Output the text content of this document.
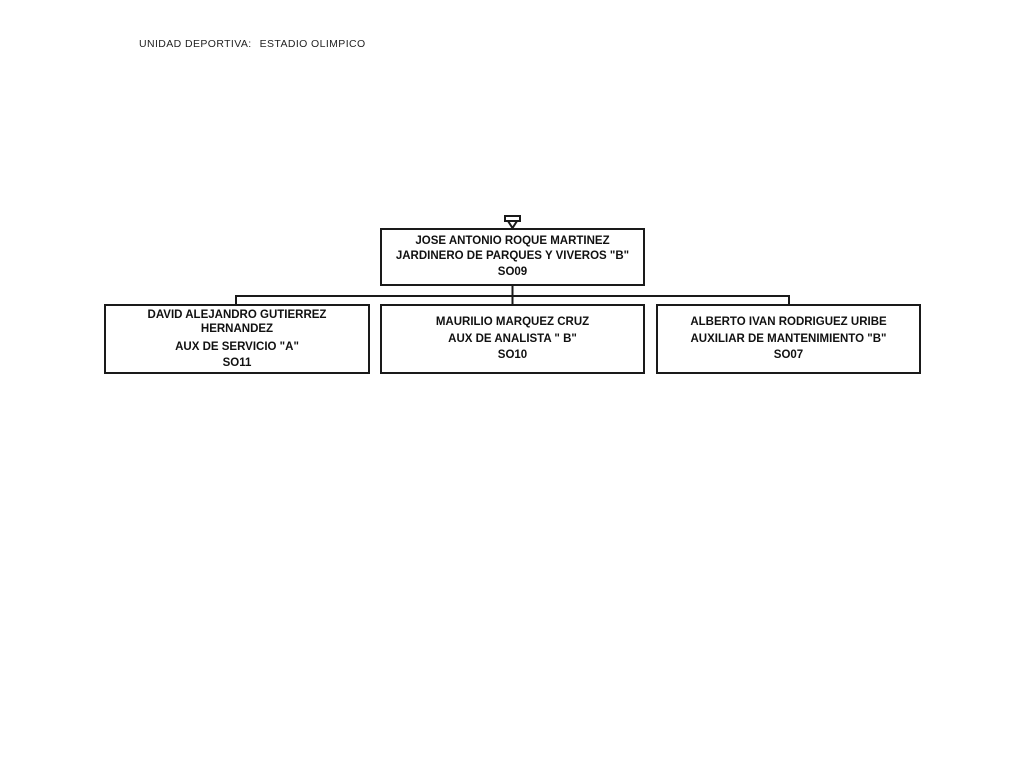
UNIDAD DEPORTIVA: ESTADIO OLIMPICO
JOSE ANTONIO ROQUE MARTINEZ
JARDINERO DE PARQUES Y VIVEROS "B"
SO09
DAVID ALEJANDRO GUTIERREZ HERNANDEZ
AUX DE SERVICIO "A"
SO11
MAURILIO MARQUEZ CRUZ
AUX DE ANALISTA " B"
SO10
ALBERTO IVAN RODRIGUEZ URIBE
AUXILIAR DE MANTENIMIENTO "B"
SO07
